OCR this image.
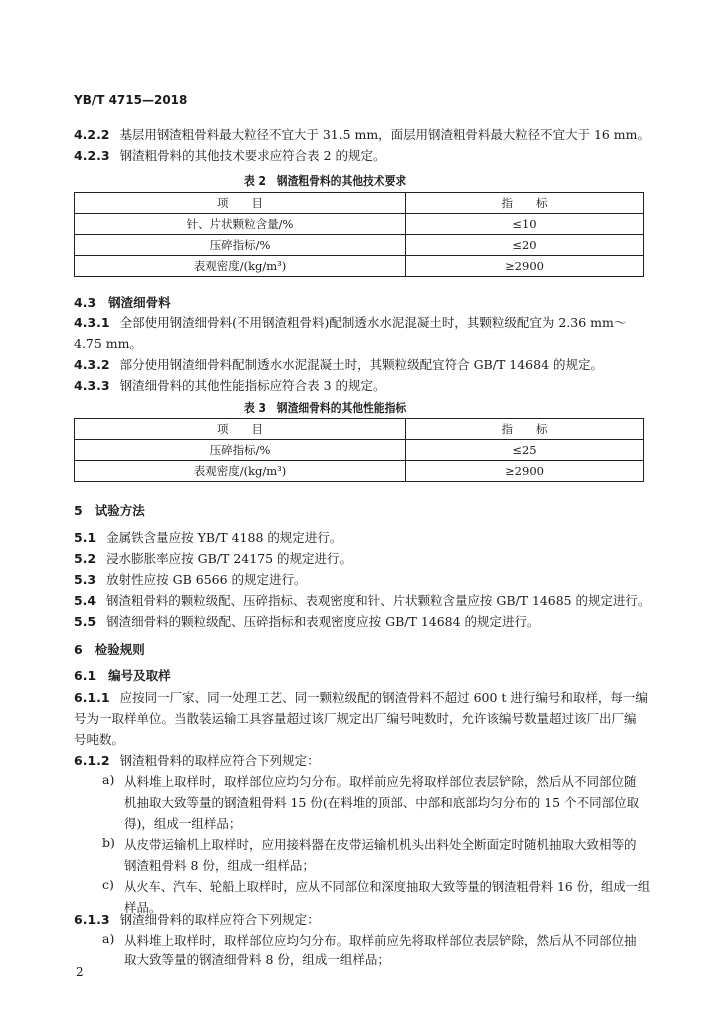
YB/T 4715—2018
4.2.2 基层用钢渣粗骨料最大粒径不宜大于 31.5 mm，面层用钢渣粗骨料最大粒径不宜大于 16 mm。
4.2.3 钢渣粗骨料的其他技术要求应符合表 2 的规定。
表 2 钢渣粗骨料的其他技术要求
项　　目	指　　标
针、片状颗粒含量/%	≤10
压碎指标/%	≤20
表观密度/(kg/m³)	≥2900
4.3 钢渣细骨料
4.3.1 全部使用钢渣细骨料(不用钢渣粗骨料)配制透水水泥混凝土时，其颗粒级配宜为 2.36 mm～
4.75 mm。
4.3.2 部分使用钢渣细骨料配制透水水泥混凝土时，其颗粒级配宜符合 GB/T 14684 的规定。
4.3.3 钢渣细骨料的其他性能指标应符合表 3 的规定。
表 3 钢渣细骨料的其他性能指标
项　　目	指　　标
压碎指标/%	≤25
表观密度/(kg/m³)	≥2900
5 试验方法
5.1 金属铁含量应按 YB/T 4188 的规定进行。
5.2 浸水膨胀率应按 GB/T 24175 的规定进行。
5.3 放射性应按 GB 6566 的规定进行。
5.4 钢渣粗骨料的颗粒级配、压碎指标、表观密度和针、片状颗粒含量应按 GB/T 14685 的规定进行。
5.5 钢渣细骨料的颗粒级配、压碎指标和表观密度应按 GB/T 14684 的规定进行。
6 检验规则
6.1 编号及取样
6.1.1 应按同一厂家、同一处理工艺、同一颗粒级配的钢渣骨料不超过 600 t 进行编号和取样，每一编
号为一取样单位。当散装运输工具容量超过该厂规定出厂编号吨数时，允许该编号数量超过该厂出厂编
号吨数。
6.1.2 钢渣粗骨料的取样应符合下列规定：
a) 从料堆上取样时，取样部位应均匀分布。取样前应先将取样部位表层铲除，然后从不同部位随
机抽取大致等量的钢渣粗骨料 15 份(在料堆的顶部、中部和底部均匀分布的 15 个不同部位取
得)，组成一组样品；
b) 从皮带运输机上取样时，应用接料器在皮带运输机机头出料处全断面定时随机抽取大致相等的
钢渣粗骨料 8 份，组成一组样品；
c) 从火车、汽车、轮船上取样时，应从不同部位和深度抽取大致等量的钢渣粗骨料 16 份，组成一组
样品。
6.1.3 钢渣细骨料的取样应符合下列规定：
a) 从料堆上取样时，取样部位应均匀分布。取样前应先将取样部位表层铲除，然后从不同部位抽
取大致等量的钢渣细骨料 8 份，组成一组样品；
2
